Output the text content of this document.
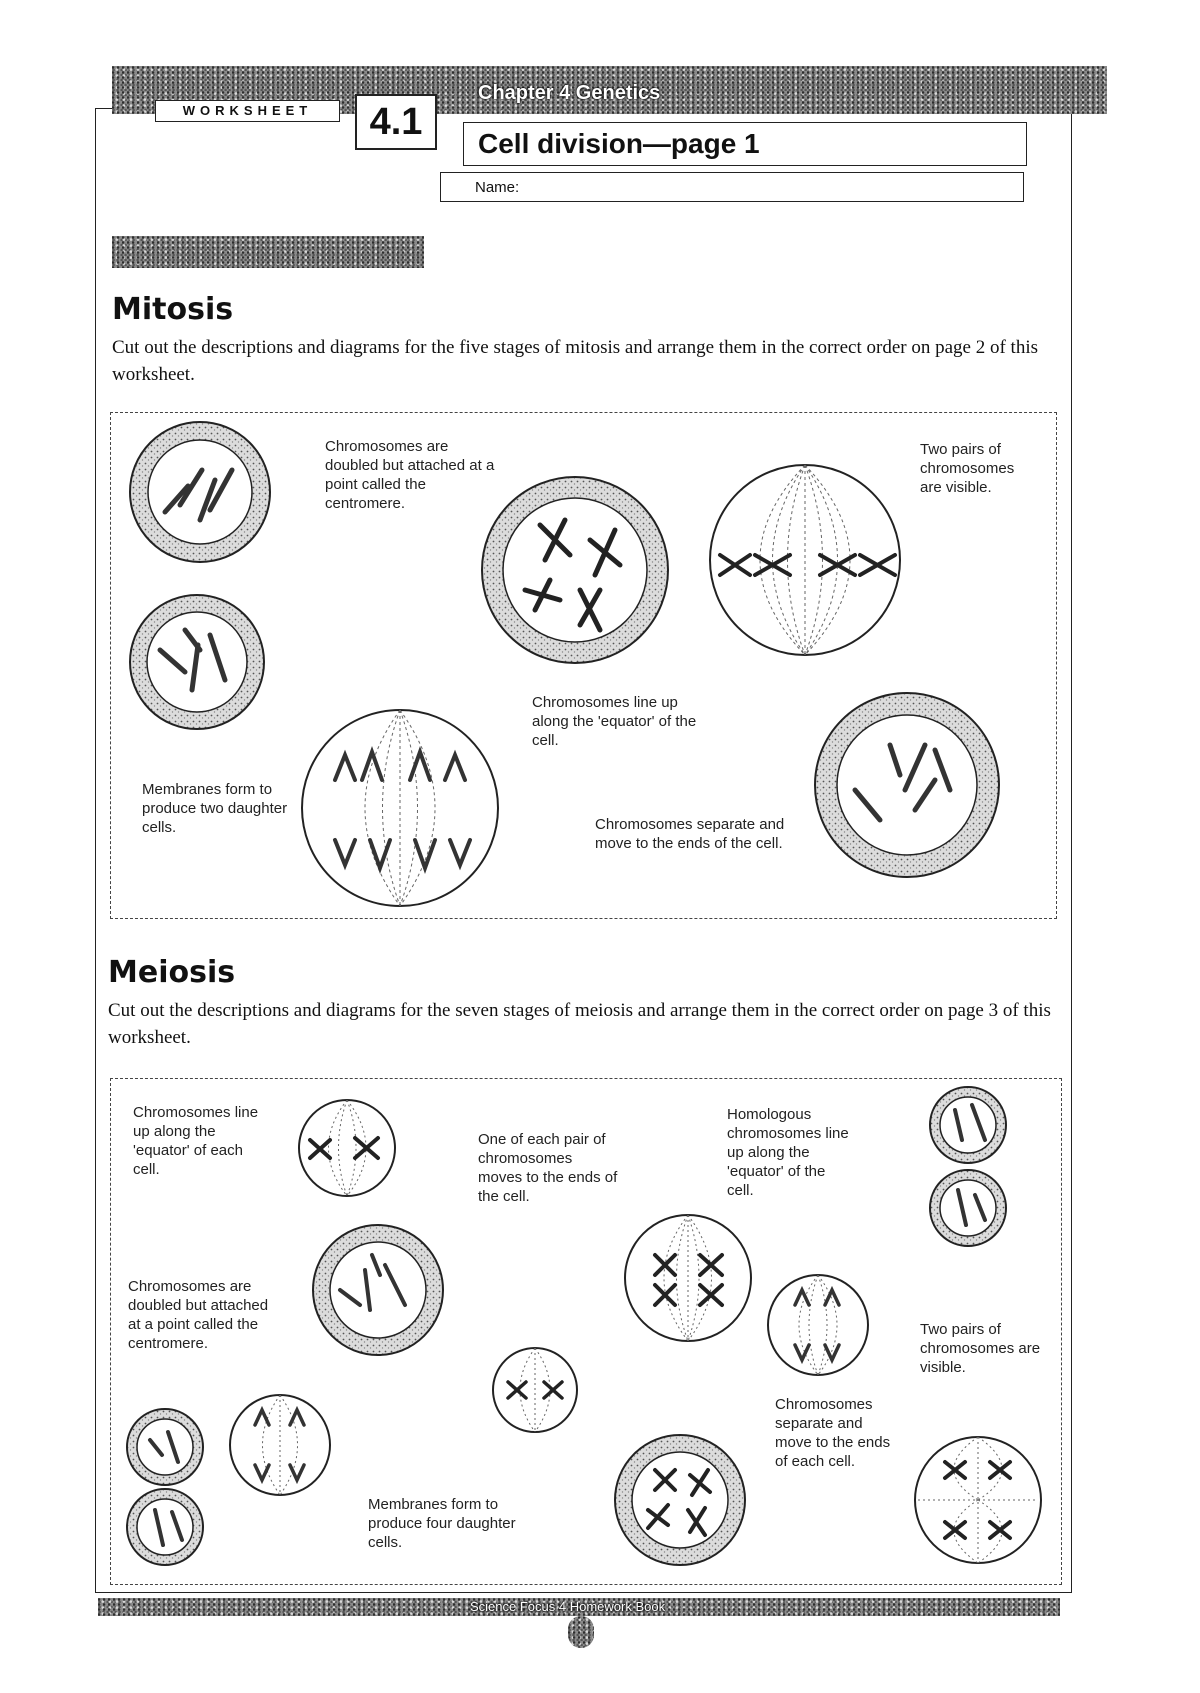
Chapter 4 Genetics
WORKSHEET	4.1
Cell division—page 1
Name:
Mitosis
Cut out the descriptions and diagrams for the five stages of mitosis and arrange them in the correct order on page 2 of this worksheet.
Chromosomes are doubled but attached at a point called the centromere.
Two pairs of chromosomes are visible.
Chromosomes line up along the 'equator' of the cell.
Membranes form to produce two daughter cells.	Chromosomes separate and move to the ends of the cell.
Meiosis
Cut out the descriptions and diagrams for the seven stages of meiosis and arrange them in the correct order on page 3 of this worksheet.
Chromosomes line up along the 'equator' of each cell.
One of each pair of chromosomes moves to the ends of the cell.
Homologous chromosomes line up along the 'equator' of the cell.
Chromosomes are doubled but attached at a point called the centromere.
Two pairs of chromosomes are visible.
Chromosomes separate and move to the ends of each cell.
Membranes form to produce four daughter cells.
Science Focus 4 Homework Book
